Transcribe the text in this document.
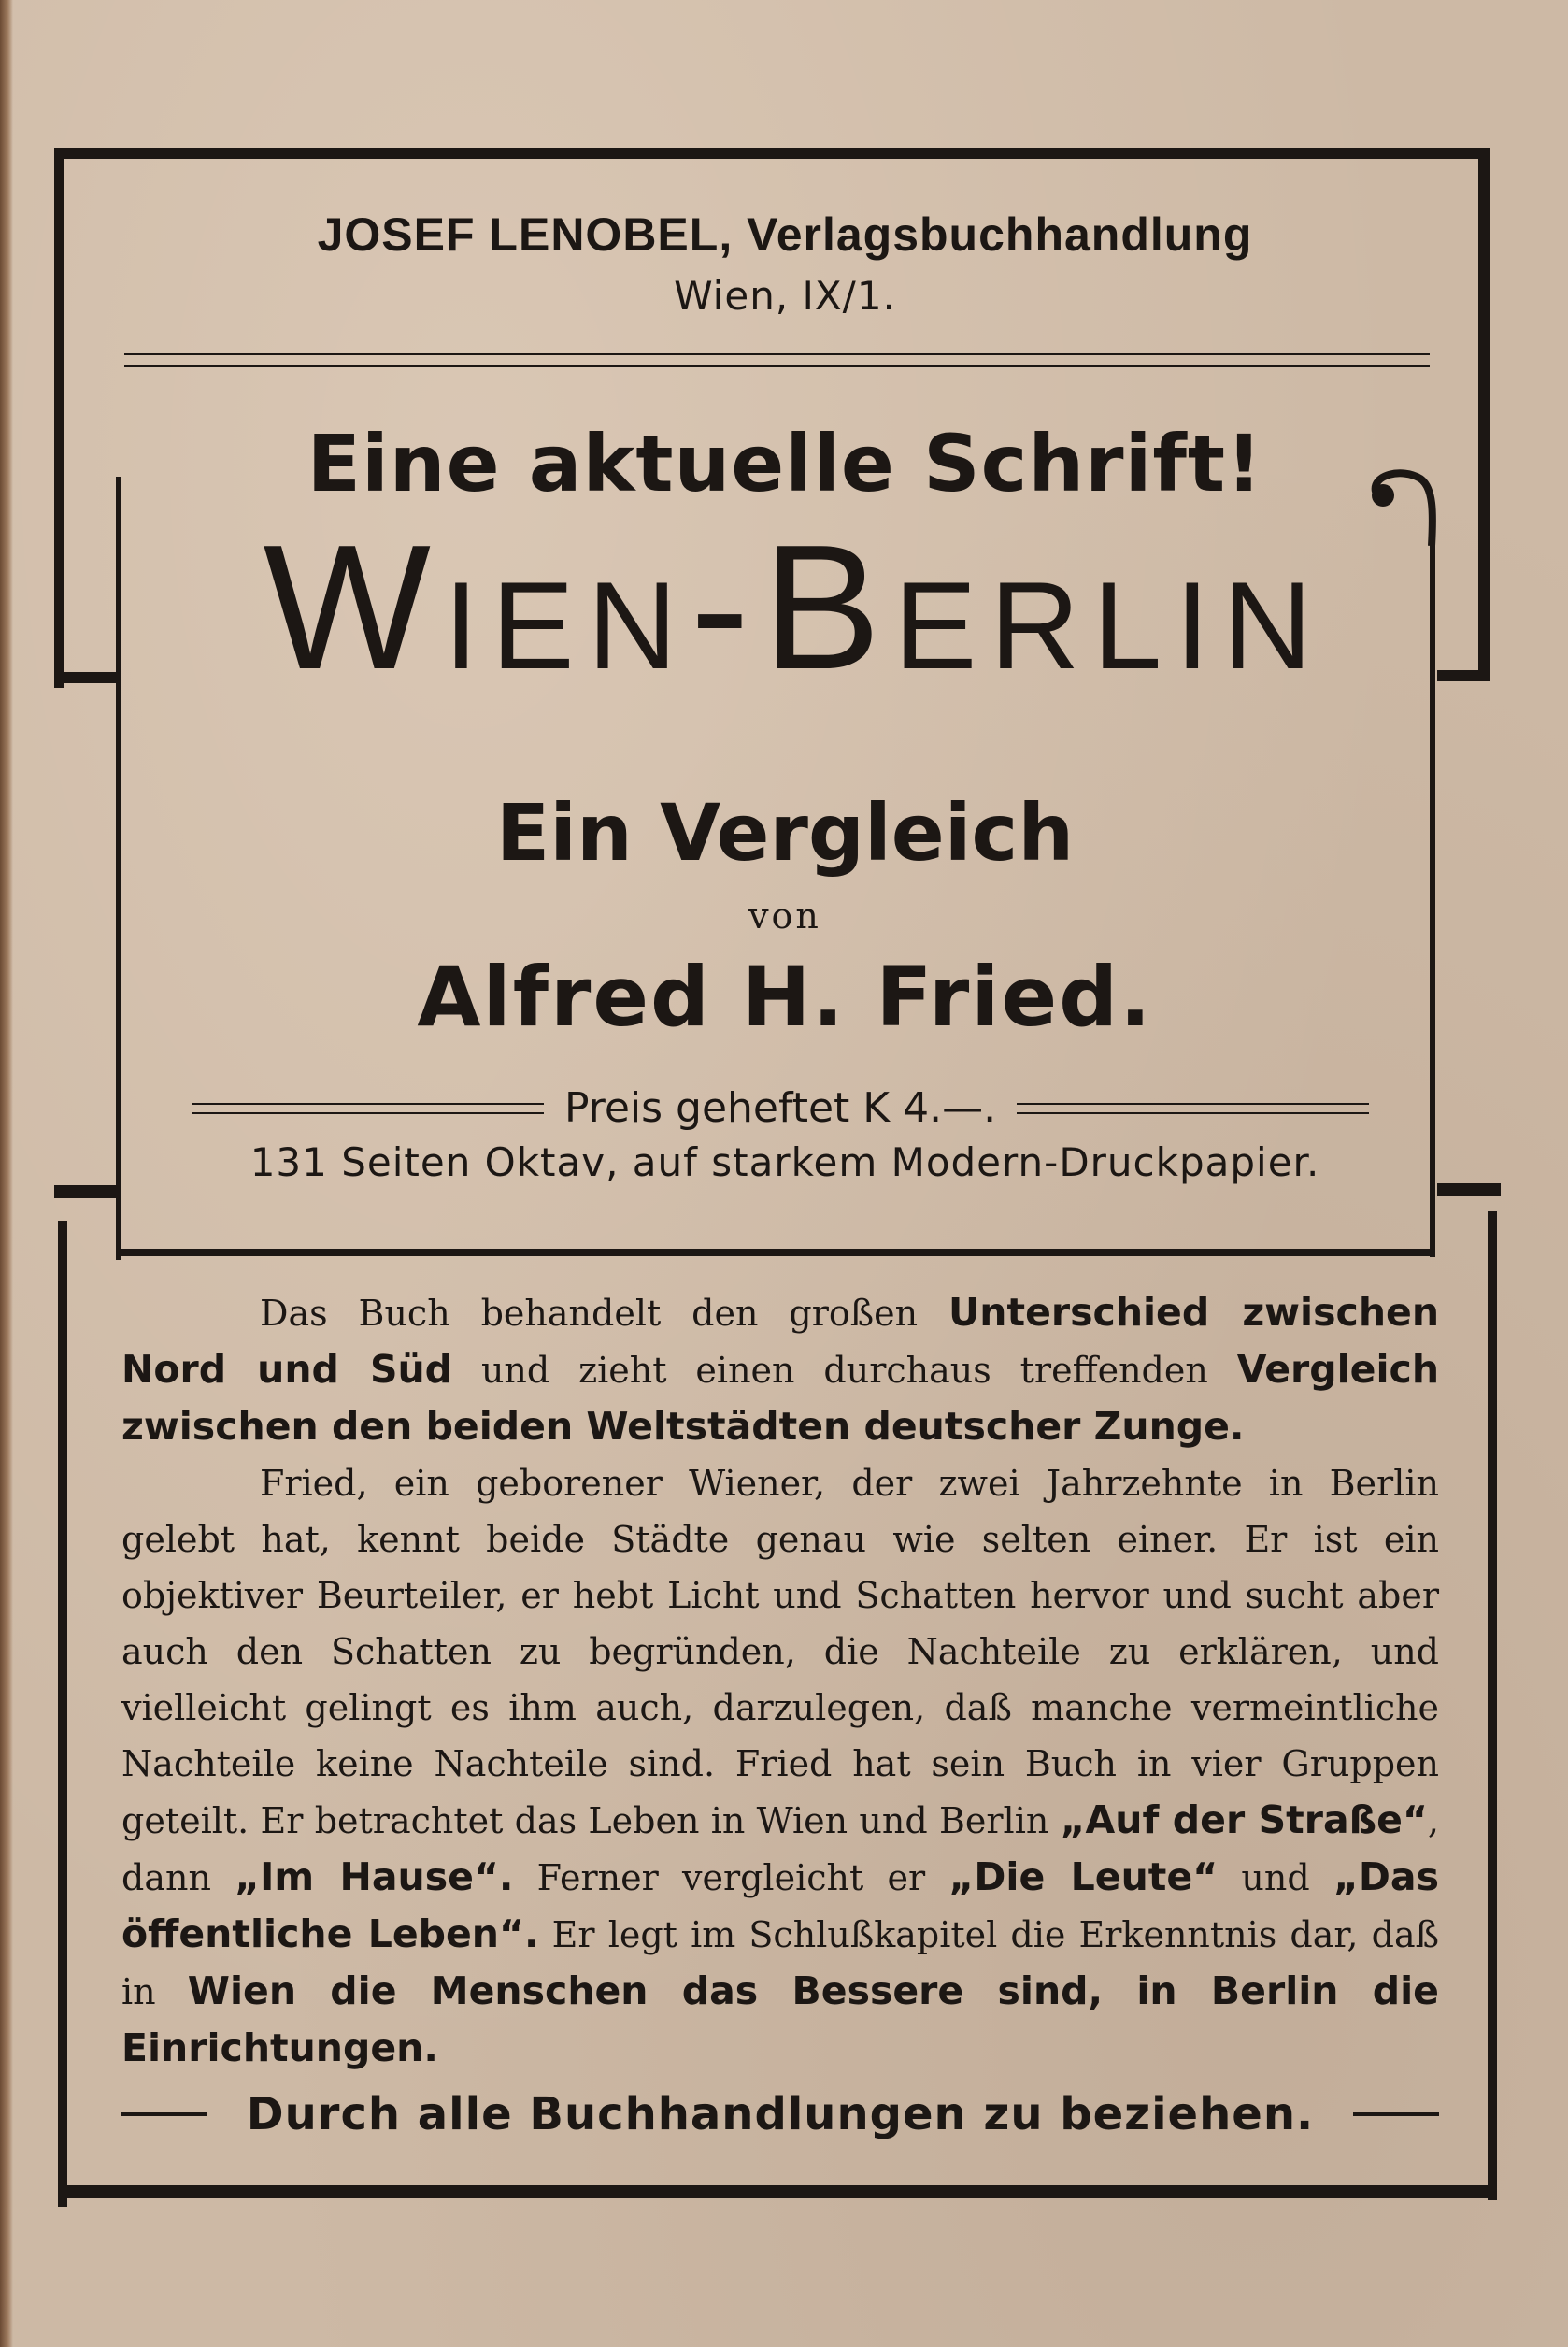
JOSEF LENOBEL, Verlagsbuchhandlung
Wien, IX/1.
Eine aktuelle Schrift!
Wien-Berlin
Ein Vergleich
von
Alfred H. Fried.
Preis geheftet K 4.—.
131 Seiten Oktav, auf starkem Modern-Druckpapier.

Das Buch behandelt den großen Unterschied zwischen Nord und Süd und zieht einen durchaus treffenden Vergleich zwischen den beiden Weltstädten deutscher Zunge.

Fried, ein geborener Wiener, der zwei Jahrzehnte in Berlin gelebt hat, kennt beide Städte genau wie selten einer. Er ist ein objektiver Beurteiler, er hebt Licht und Schatten hervor und sucht aber auch den Schatten zu begründen, die Nachteile zu erklären, und vielleicht gelingt es ihm auch, darzulegen, daß manche vermeintliche Nachteile keine Nachteile sind. Fried hat sein Buch in vier Gruppen geteilt. Er betrachtet das Leben in Wien und Berlin „Auf der Straße“, dann „Im Hause“. Ferner vergleicht er „Die Leute“ und „Das öffentliche Leben“. Er legt im Schlußkapitel die Erkenntnis dar, daß in Wien die Menschen das Bessere sind, in Berlin die Einrichtungen.

Durch alle Buchhandlungen zu beziehen.
